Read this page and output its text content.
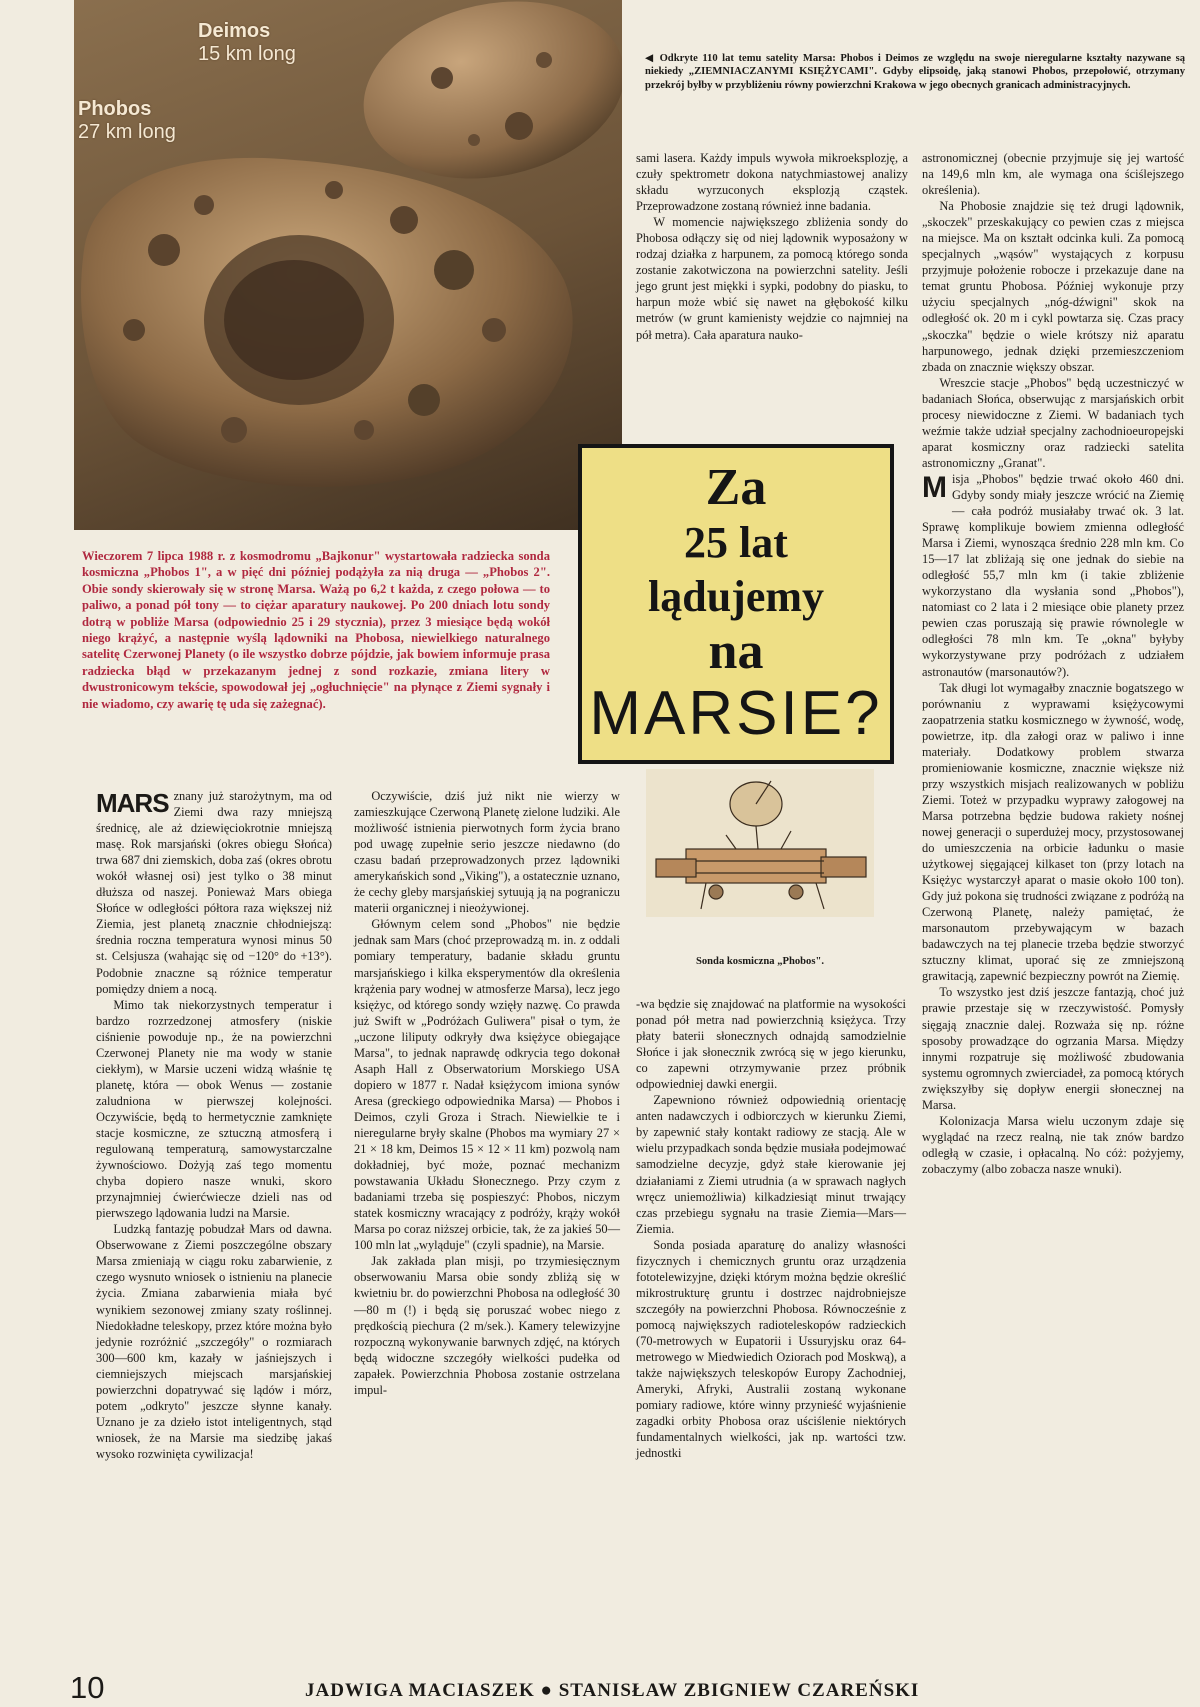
Deimos
15 km long
Phobos
27 km long
◀ Odkryte 110 lat temu satelity Marsa: Phobos i Deimos ze względu na swoje nieregularne kształty nazywane są niekiedy „ZIEMNIACZANYMI KSIĘŻYCAMI". Gdyby elipsoidę, jaką stanowi Phobos, przepołowić, otrzymany przekrój byłby w przybliżeniu równy powierzchni Krakowa w jego obecnych granicach administracyjnych.
Wieczorem 7 lipca 1988 r. z kosmodromu „Bajkonur" wystartowała radziecka sonda kosmiczna „Phobos 1", a w pięć dni później podążyła za nią druga — „Phobos 2". Obie sondy skierowały się w stronę Marsa. Ważą po 6,2 t każda, z czego połowa — to paliwo, a ponad pół tony — to ciężar aparatury naukowej. Po 200 dniach lotu sondy dotrą w pobliże Marsa (odpowiednio 25 i 29 stycznia), przez 3 miesiące będą wokół niego krążyć, a następnie wyślą lądowniki na Phobosa, niewielkiego naturalnego satelitę Czerwonej Planety (o ile wszystko dobrze pójdzie, jak bowiem informuje prasa radziecka błąd w przekazanym jednej z sond rozkazie, zmiana litery w dwustronicowym tekście, spowodował jej „ogłuchnięcie" na płynące z Ziemi sygnały i nie wiadomo, czy awarię tę uda się zażegnać).
Za
25 lat
lądujemy
na
MARSIE?
Sonda kosmiczna „Phobos".

MARS znany już starożytnym, ma od Ziemi dwa razy mniejszą średnicę, ale aż dziewięciokrotnie mniejszą masę. Rok marsjański (okres obiegu Słońca) trwa 687 dni ziemskich, doba zaś (okres obrotu wokół własnej osi) jest tylko o 38 minut dłuższa od naszej. Ponieważ Mars obiega Słońce w odległości półtora raza większej niż Ziemia, jest planetą znacznie chłodniejszą: średnia roczna temperatura wynosi minus 50 st. Celsjusza (wahając się od −120° do +13°). Podobnie znaczne są różnice temperatur pomiędzy dniem a nocą.

Mimo tak niekorzystnych temperatur i bardzo rozrzedzonej atmosfery (niskie ciśnienie powoduje np., że na powierzchni Czerwonej Planety nie ma wody w stanie ciekłym), w Marsie uczeni widzą właśnie tę planetę, która — obok Wenus — zostanie zaludniona w pierwszej kolejności. Oczywiście, będą to hermetycznie zamknięte stacje kosmiczne, ze sztuczną atmosferą i regulowaną temperaturą, samowystarczalne żywnościowo. Dożyją zaś tego momentu chyba dopiero nasze wnuki, skoro przynajmniej ćwierćwiecze dzieli nas od pierwszego lądowania ludzi na Marsie.

Ludzką fantazję pobudzał Mars od dawna. Obserwowane z Ziemi poszczególne obszary Marsa zmieniają w ciągu roku zabarwienie, z czego wysnuto wniosek o istnieniu na planecie życia. Zmiana zabarwienia miała być wynikiem sezonowej zmiany szaty roślinnej. Niedokładne teleskopy, przez które można było jedynie rozróżnić „szczegóły" o rozmiarach 300—600 km, kazały w jaśniejszych i ciemniejszych miejscach marsjańskiej powierzchni dopatrywać się lądów i mórz, potem „odkryto" jeszcze słynne kanały. Uznano je za dzieło istot inteligentnych, stąd wniosek, że na Marsie ma siedzibę jakaś wysoko rozwinięta cywilizacja!

Oczywiście, dziś już nikt nie wierzy w zamieszkujące Czerwoną Planetę zielone ludziki. Ale możliwość istnienia pierwotnych form życia brano pod uwagę zupełnie serio jeszcze niedawno (do czasu badań przeprowadzonych przez lądowniki amerykańskich sond „Viking"), a ostatecznie uznano, że cechy gleby marsjańskiej sytuują ją na pograniczu materii organicznej i nieożywionej.

Głównym celem sond „Phobos" nie będzie jednak sam Mars (choć przeprowadzą m. in. z oddali pomiary temperatury, badanie składu gruntu marsjańskiego i kilka eksperymentów dla określenia krążenia pary wodnej w atmosferze Marsa), lecz jego księżyc, od którego sondy wzięły nazwę. Co prawda już Swift w „Podróżach Guliwera" pisał o tym, że „uczone liliputy odkryły dwa księżyce obiegające Marsa", to jednak naprawdę odkrycia tego dokonał Asaph Hall z Obserwatorium Morskiego USA dopiero w 1877 r. Nadał księżycom imiona synów Aresa (greckiego odpowiednika Marsa) — Phobos i Deimos, czyli Groza i Strach. Niewielkie te i nieregularne bryły skalne (Phobos ma wymiary 27 × 21 × 18 km, Deimos 15 × 12 × 11 km) pozwolą nam dokładniej, być może, poznać mechanizm powstawania Układu Słonecznego. Przy czym z badaniami trzeba się pospieszyć: Phobos, niczym statek kosmiczny wracający z podróży, krąży wokół Marsa po coraz niższej orbicie, tak, że za jakieś 50—100 mln lat „wyląduje" (czyli spadnie), na Marsie.

Jak zakłada plan misji, po trzymiesięcznym obserwowaniu Marsa obie sondy zbliżą się w kwietniu br. do powierzchni Phobosa na odległość 30—80 m (!) i będą się poruszać wobec niego z prędkością piechura (2 m/sek.). Kamery telewizyjne rozpoczną wykonywanie barwnych zdjęć, na których będą widoczne szczegóły wielkości pudełka od zapałek. Powierzchnia Phobosa zostanie ostrzelana impul-

sami lasera. Każdy impuls wywoła mikroeksplozję, a czuły spektrometr dokona natychmiastowej analizy składu wyrzuconych eksplozją cząstek. Przeprowadzone zostaną również inne badania.

W momencie największego zbliżenia sondy do Phobosa odłączy się od niej lądownik wyposażony w rodzaj działka z harpunem, za pomocą którego sonda zostanie zakotwiczona na powierzchni satelity. Jeśli jego grunt jest miękki i sypki, podobny do piasku, to harpun może wbić się nawet na głębokość kilku metrów (w grunt kamienisty wejdzie co najmniej na pół metra). Cała aparatura nauko-

-wa będzie się znajdować na platformie na wysokości ponad pół metra nad powierzchnią księżyca. Trzy płaty baterii słonecznych odnajdą samodzielnie Słońce i jak słonecznik zwrócą się w jego kierunku, co zapewni otrzymywanie przez próbnik odpowiedniej dawki energii.

Zapewniono również odpowiednią orientację anten nadawczych i odbiorczych w kierunku Ziemi, by zapewnić stały kontakt radiowy ze stacją. Ale w wielu przypadkach sonda będzie musiała podejmować samodzielne decyzje, gdyż stałe kierowanie jej działaniami z Ziemi utrudnia (a w sprawach nagłych wręcz uniemożliwia) kilkadziesiąt minut trwający czas przebiegu sygnału na trasie Ziemia—Mars—Ziemia.

Sonda posiada aparaturę do analizy własności fizycznych i chemicznych gruntu oraz urządzenia fototelewizyjne, dzięki którym można będzie określić mikrostrukturę gruntu i dostrzec najdrobniejsze szczegóły na powierzchni Phobosa. Równocześnie z pomocą największych radioteleskopów radzieckich (70-metrowych w Eupatorii i Ussuryjsku oraz 64-metrowego w Miedwiedich Oziorach pod Moskwą), a także największych teleskopów Europy Zachodniej, Ameryki, Afryki, Australii zostaną wykonane pomiary radiowe, które winny przynieść wyjaśnienie zagadki orbity Phobosa oraz uściślenie niektórych fundamentalnych wielkości, jak np. wartości tzw. jednostki

astronomicznej (obecnie przyjmuje się jej wartość na 149,6 mln km, ale wymaga ona ściślejszego określenia).

Na Phobosie znajdzie się też drugi lądownik, „skoczek" przeskakujący co pewien czas z miejsca na miejsce. Ma on kształt odcinka kuli. Za pomocą specjalnych „wąsów" wystających z korpusu przyjmuje położenie robocze i przekazuje dane na temat gruntu Phobosa. Później wykonuje przy użyciu specjalnych „nóg-dźwigni" skok na odległość ok. 20 m i cykl powtarza się. Czas pracy „skoczka" będzie o wiele krótszy niż aparatu harpunowego, jednak dzięki przemieszczeniom zbada on znacznie większy obszar.

Wreszcie stacje „Phobos" będą uczestniczyć w badaniach Słońca, obserwując z marsjańskich orbit procesy niewidoczne z Ziemi. W badaniach tych weźmie także udział specjalny zachodnioeuropejski aparat kosmiczny oraz radziecki satelita astronomiczny „Granat".

Misja „Phobos" będzie trwać około 460 dni. Gdyby sondy miały jeszcze wrócić na Ziemię — cała podróż musiałaby trwać ok. 3 lat. Sprawę komplikuje bowiem zmienna odległość Marsa i Ziemi, wynosząca średnio 228 mln km. Co 15—17 lat zbliżają się one jednak do siebie na odległość 55,7 mln km (i takie zbliżenie wykorzystano dla wysłania sond „Phobos"), natomiast co 2 lata i 2 miesiące obie planety przez pewien czas poruszają się prawie równolegle w odległości 78 mln km. Te „okna" byłyby wykorzystywane przy podróżach z udziałem astronautów (marsonautów?).

Tak długi lot wymagałby znacznie bogatszego w porównaniu z wyprawami księżycowymi zaopatrzenia statku kosmicznego w żywność, wodę, powietrze, itp. dla załogi oraz w paliwo i inne materiały. Dodatkowy problem stwarza promieniowanie kosmiczne, znacznie większe niż przy wszystkich misjach realizowanych w pobliżu Ziemi. Toteż w przypadku wyprawy załogowej na Marsa potrzebna będzie budowa rakiety nośnej nowej generacji o superdużej mocy, przystosowanej do umieszczenia na orbicie ładunku o masie użytkowej sięgającej kilkaset ton (przy lotach na Księżyc wystarczył aparat o masie około 100 ton). Gdy już pokona się trudności związane z podróżą na Czerwoną Planetę, należy pamiętać, że marsonautom przebywającym w bazach badawczych na tej planecie trzeba będzie stworzyć sztuczny klimat, uporać się ze zmniejszoną grawitacją, zapewnić bezpieczny powrót na Ziemię.

To wszystko jest dziś jeszcze fantazją, choć już prawie przestaje się w rzeczywistość. Pomysły sięgają znacznie dalej. Rozważa się np. różne sposoby prowadzące do ogrzania Marsa. Między innymi rozpatruje się możliwość zbudowania systemu ogromnych zwierciadeł, za pomocą których zwiększyłby się dopływ energii słonecznej na Marsa.

Kolonizacja Marsa wielu uczonym zdaje się wyglądać na rzecz realną, nie tak znów bardzo odległą w czasie, i opłacalną. No cóż: pożyjemy, zobaczymy (albo zobacza nasze wnuki).

10	JADWIGA MACIASZEK ● STANISŁAW ZBIGNIEW CZAREŃSKI
